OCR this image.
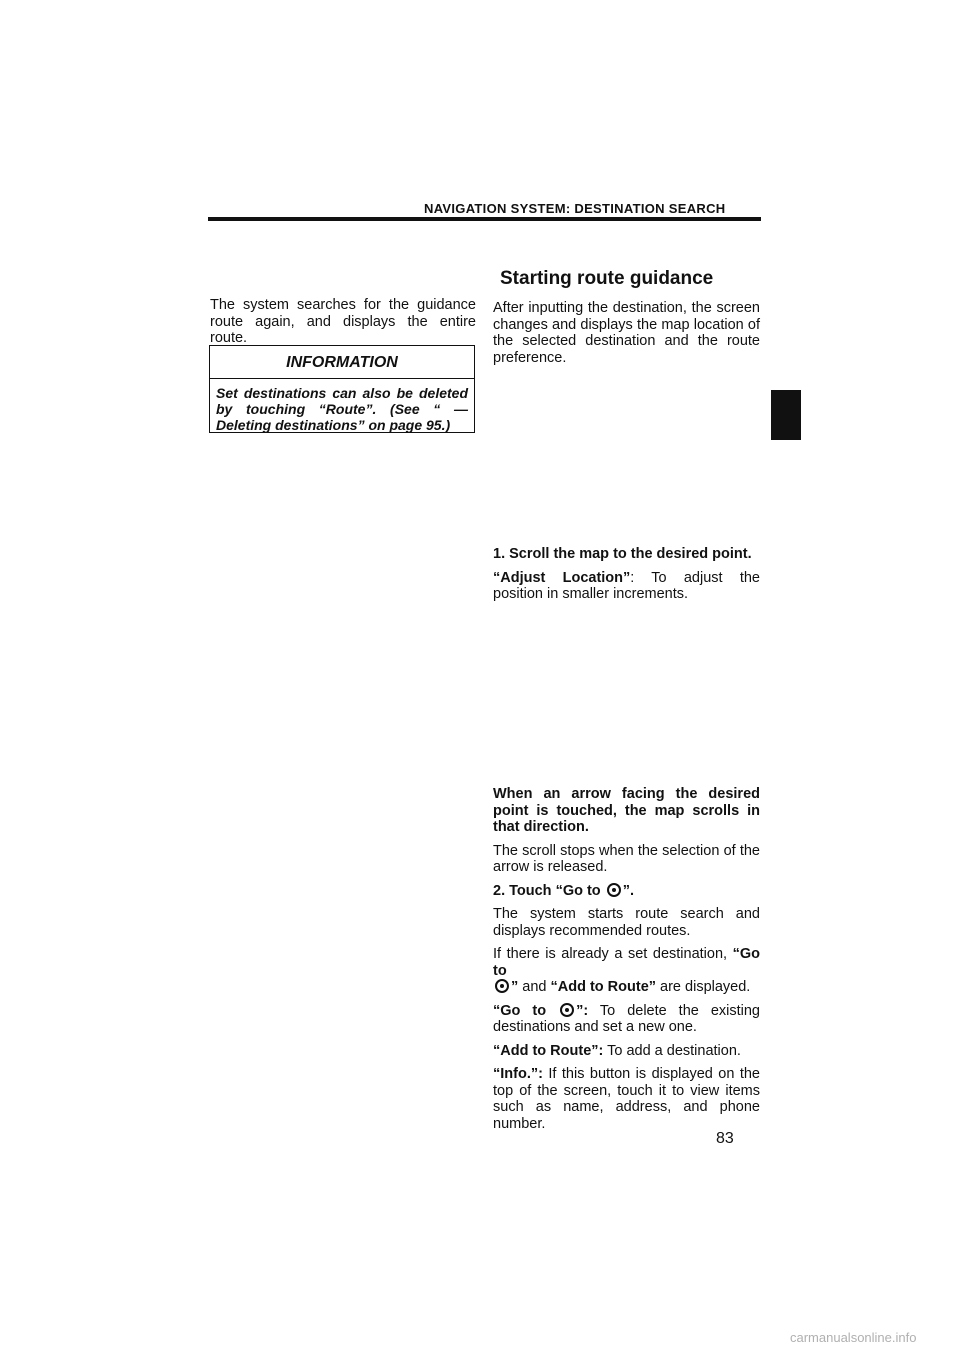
NAVIGATION SYSTEM: DESTINATION SEARCH
Starting route guidance

The system searches for the guidance route again, and displays the entire route.

INFORMATION
Set destinations can also be deleted by touching “Route”. (See “ — Deleting destinations” on page 95.)

After inputting the destination, the screen changes and displays the map location of the selected destination and the route preference.

1. Scroll the map to the desired point.

“Adjust Location”: To adjust the position in smaller increments.

When an arrow facing the desired point is touched, the map scrolls in that direction.

The scroll stops when the selection of the arrow is released.

2. Touch “Go to ”.

The system starts route search and displays recommended routes.

If there is already a set destination, “Go to
” and “Add to Route” are displayed.

“Go to ”: To delete the existing destinations and set a new one.

“Add to Route”: To add a destination.

“Info.”: If this button is displayed on the top of the screen, touch it to view items such as name, address, and phone number.

83
carmanualsonline.info
